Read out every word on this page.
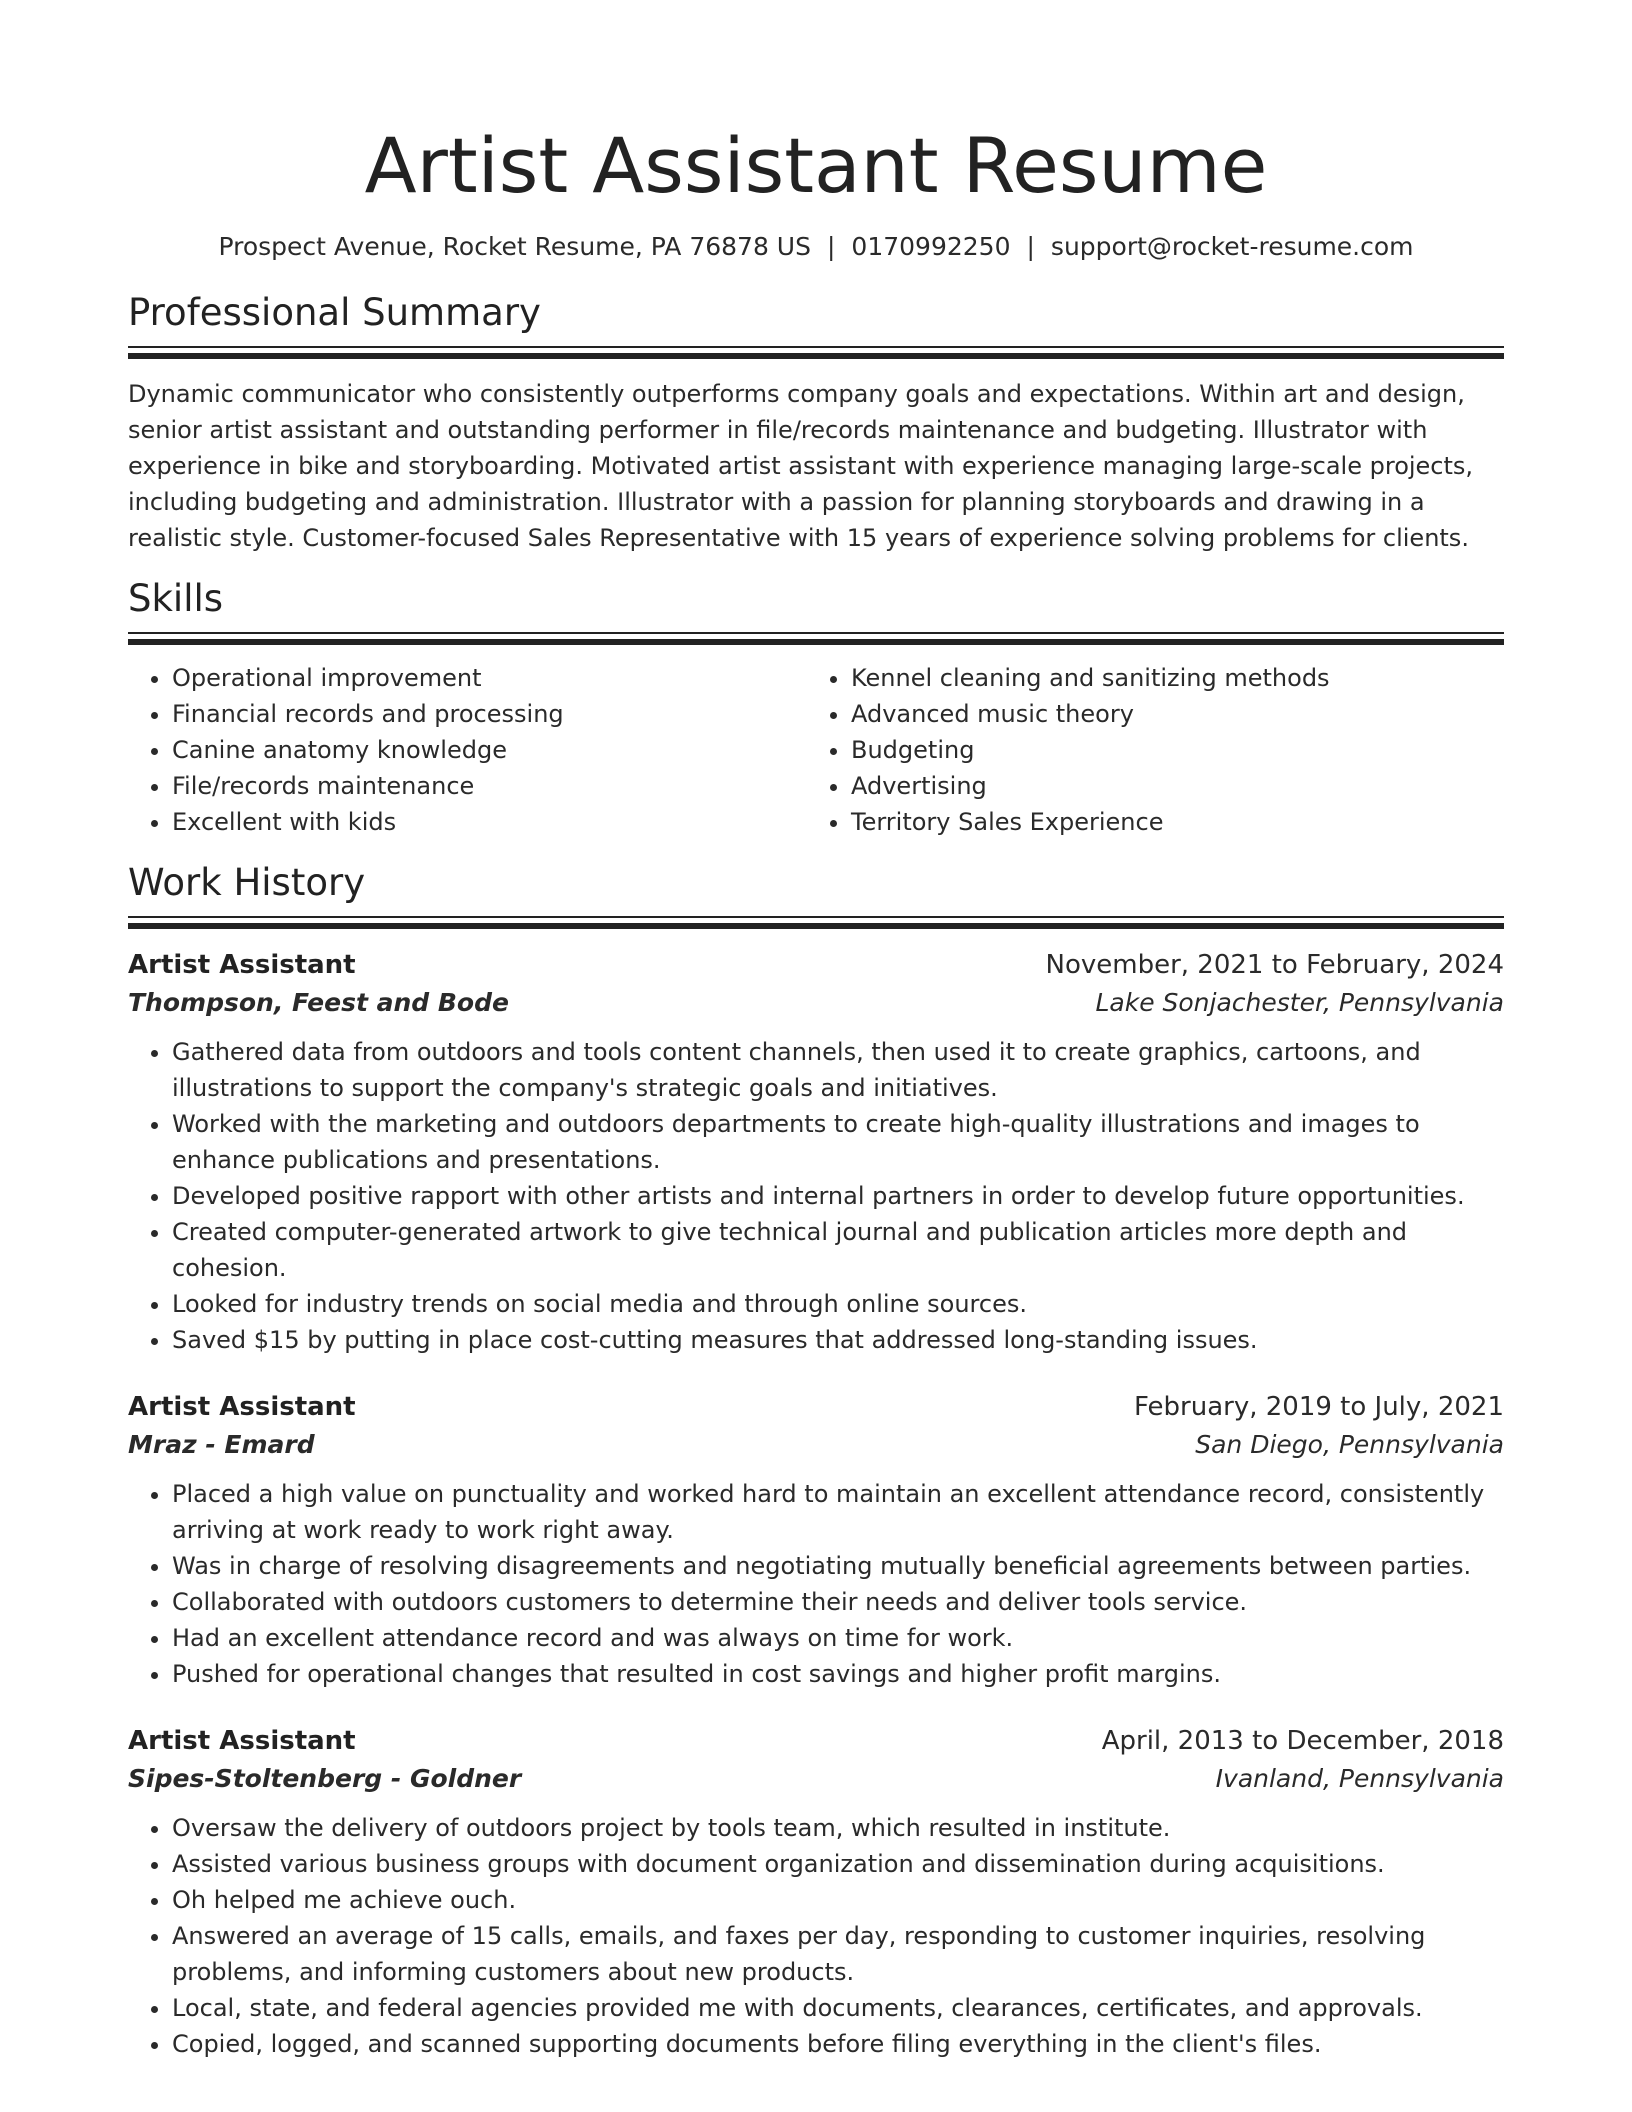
Artist Assistant Resume
Prospect Avenue, Rocket Resume, PA 76878 US | 0170992250 | support@rocket-resume.com
Professional Summary

Dynamic communicator who consistently outperforms company goals and expectations. Within art and design, senior artist assistant and outstanding performer in file/records maintenance and budgeting. Illustrator with experience in bike and storyboarding. Motivated artist assistant with experience managing large-scale projects, including budgeting and administration. Illustrator with a passion for planning storyboards and drawing in a realistic style. Customer-focused Sales Representative with 15 years of experience solving problems for clients.

Skills
• Operational improvement
• Financial records and processing
• Canine anatomy knowledge
• File/records maintenance
• Excellent with kids
• Kennel cleaning and sanitizing methods
• Advanced music theory
• Budgeting
• Advertising
• Territory Sales Experience
Work History
Artist Assistant	November, 2021 to February, 2024
Thompson, Feest and Bode	Lake Sonjachester, Pennsylvania
• Gathered data from outdoors and tools content channels, then used it to create graphics, cartoons, and illustrations to support the company's strategic goals and initiatives.
• Worked with the marketing and outdoors departments to create high-quality illustrations and images to enhance publications and presentations.
• Developed positive rapport with other artists and internal partners in order to develop future opportunities.
• Created computer-generated artwork to give technical journal and publication articles more depth and cohesion.
• Looked for industry trends on social media and through online sources.
• Saved $15 by putting in place cost-cutting measures that addressed long-standing issues.
Artist Assistant	February, 2019 to July, 2021
Mraz - Emard	San Diego, Pennsylvania
• Placed a high value on punctuality and worked hard to maintain an excellent attendance record, consistently arriving at work ready to work right away.
• Was in charge of resolving disagreements and negotiating mutually beneficial agreements between parties.
• Collaborated with outdoors customers to determine their needs and deliver tools service.
• Had an excellent attendance record and was always on time for work.
• Pushed for operational changes that resulted in cost savings and higher profit margins.
Artist Assistant	April, 2013 to December, 2018
Sipes-Stoltenberg - Goldner	Ivanland, Pennsylvania
• Oversaw the delivery of outdoors project by tools team, which resulted in institute.
• Assisted various business groups with document organization and dissemination during acquisitions.
• Oh helped me achieve ouch.
• Answered an average of 15 calls, emails, and faxes per day, responding to customer inquiries, resolving problems, and informing customers about new products.
• Local, state, and federal agencies provided me with documents, clearances, certificates, and approvals.
• Copied, logged, and scanned supporting documents before filing everything in the client's files.
